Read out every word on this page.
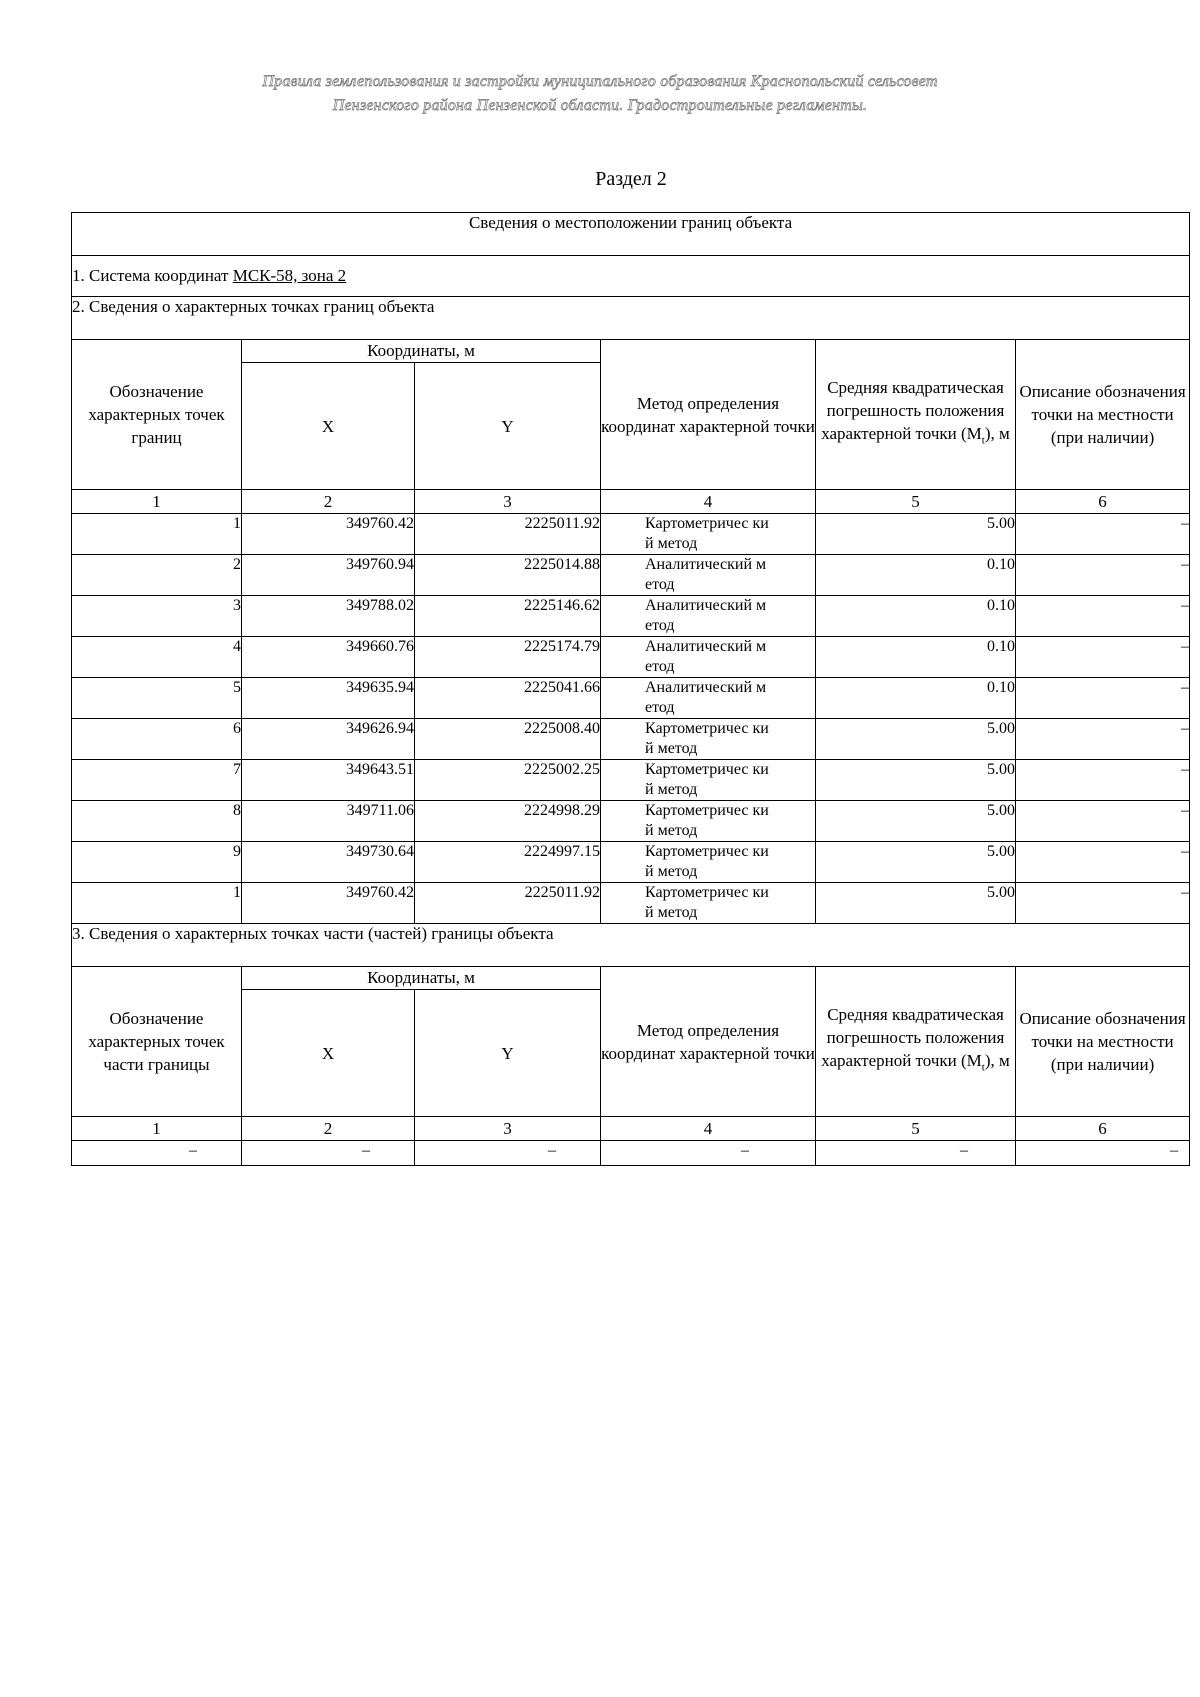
Правила землепользования и застройки муниципального образования Краснопольский сельсовет
Пензенского района Пензенской области. Градостроительные регламенты.
Раздел 2
Сведения о местоположении границ объекта					
1. Система координат МСК-58, зона 2					
2. Сведения о характерных точках границ объекта					
Обозначение характерных точек границ	Координаты, м		Метод определения координат характерной точки	Средняя квадратическая погрешность положения характерной точки $(M_t)$, м	Описание обозначения точки на местности (при наличии)
	X	Y			
1	2	3	4	5	6
1	349760.42	2225011.92	Картометричес кий метод	5.00	–
2	349760.94	2225014.88	Аналитический метод	0.10	–
3	349788.02	2225146.62	Аналитический метод	0.10	–
4	349660.76	2225174.79	Аналитический метод	0.10	–
5	349635.94	2225041.66	Аналитический метод	0.10	–
6	349626.94	2225008.40	Картометричес кий метод	5.00	–
7	349643.51	2225002.25	Картометричес кий метод	5.00	–
8	349711.06	2224998.29	Картометричес кий метод	5.00	–
9	349730.64	2224997.15	Картометричес кий метод	5.00	–
1	349760.42	2225011.92	Картометричес кий метод	5.00	–
3. Сведения о характерных точках части (частей) границы объекта					
Обозначение характерных точек части границы	Координаты, м		Метод определения координат характерной точки	Средняя квадратическая погрешность положения характерной точки $(M_t)$, м	Описание обозначения точки на местности (при наличии)
	X	Y			
1	2	3	4	5	6
–	–	–	–	–	–
